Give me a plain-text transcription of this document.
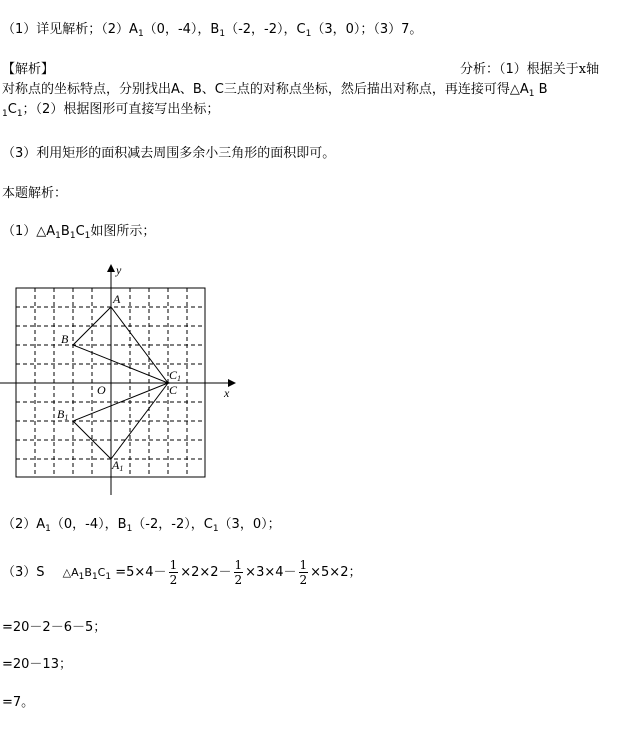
（1）详见解析；$(2)A_1(0$，-4），$B_1(-2$，-2），$C_1(3$，0）；（3）7。
【解析】	分析：（1）根据关于x轴
对称点的坐标特点，分别找出A、B、C三点的对称点坐标，然后描出对称点，再连接可得$\triangle A_1$ B
$_1C_1$；（2）根据图形可直接写出坐标；
（3）利用矩形的面积减去周围多余小三角形的面积即可。
本题解析：
$(1)\triangle A_1B_1C_1$如图所示；
x
y
O
A
B
C1
C
B1
A1
$(2)A_1(0$，-4），$B_1(-2$，-2），$C_1(3$，0）；
（3）S $\triangle A_1B_1C_1 =5\times 4- \frac{1}{2} \times 2\times 2- \frac{1}{2} \times 3\times 4- \frac{1}{2} \times 5\times 2$；
=20－2－6－5；
=20－13；
=7。
